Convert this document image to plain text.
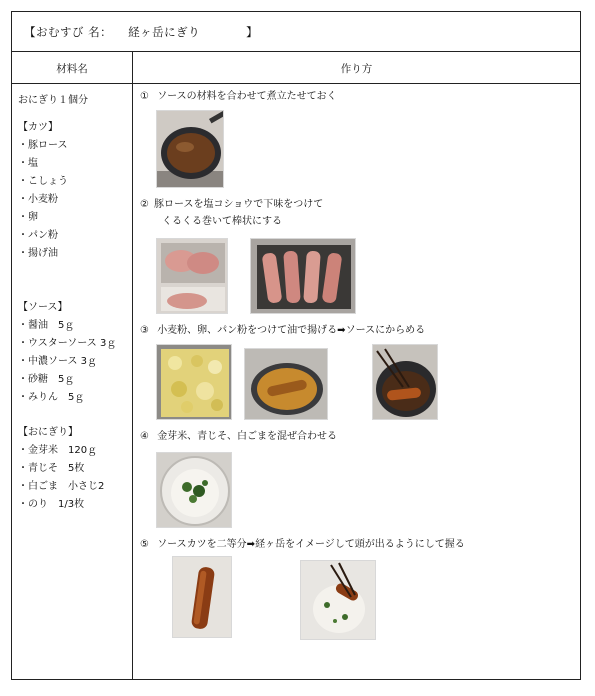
【おむすび 名： 経ヶ岳にぎり	】
材料名	作り方
おにぎり１個分
【カツ】
・豚ロース
・塩
・こしょう
・小麦粉
・卵
・パン粉
・揚げ油
【ソース】
・醤油　5ｇ
・ウスターソース 3ｇ
・中濃ソース 3ｇ
・砂糖　5ｇ
・みりん　5ｇ
【おにぎり】
・金芽米　120ｇ
・青じそ　5枚
・白ごま　小さじ2
・のり　1/3枚
① ソースの材料を合わせて煮立たせておく
② 豚ロースを塩コショウで下味をつけて
くるくる巻いて棒状にする
③ 小麦粉、卵、パン粉をつけて油で揚げる➡ソースにからめる
④ 金芽米、青じそ、白ごまを混ぜ合わせる
⑤ ソースカツを二等分➡経ヶ岳をイメージして頭が出るようにして握る
